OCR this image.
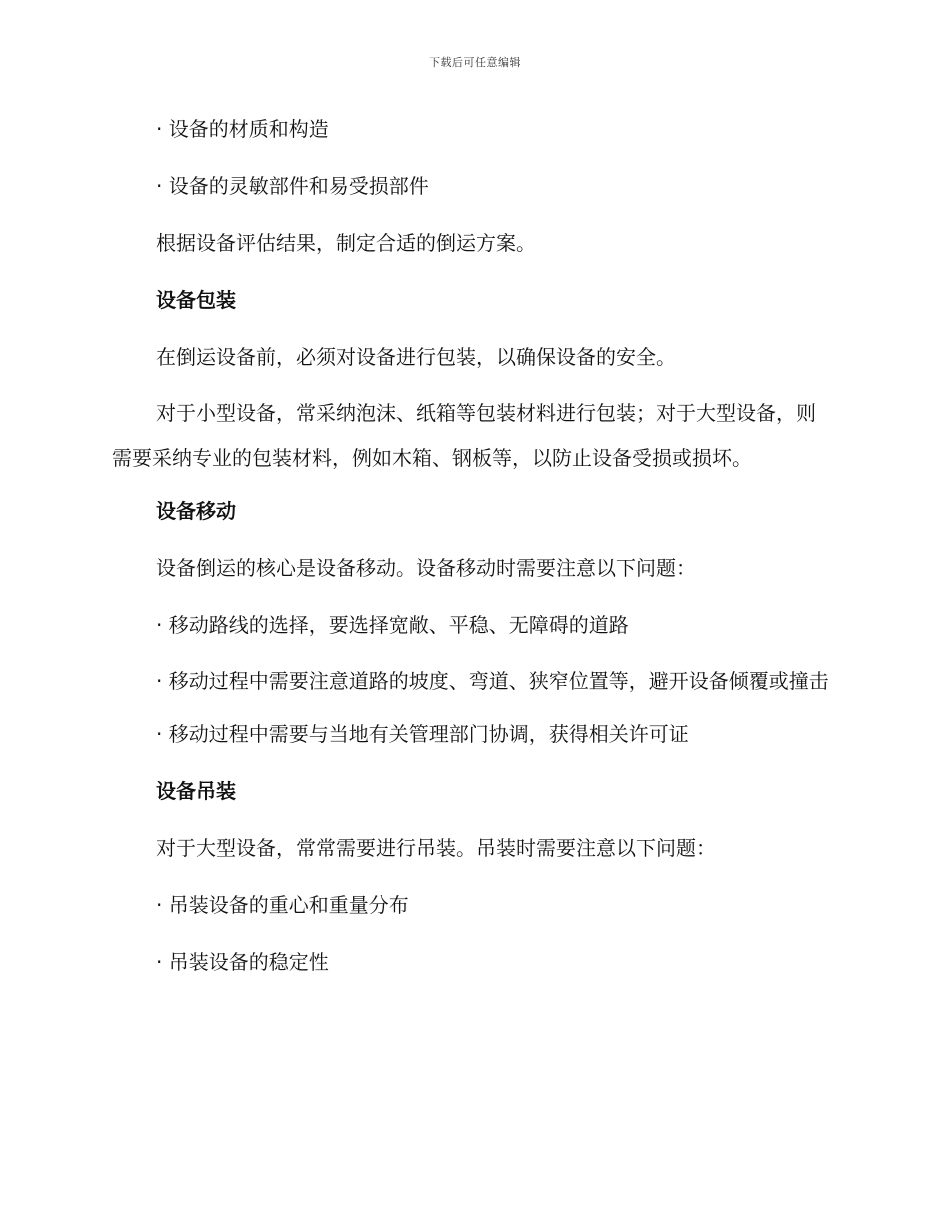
下载后可任意编辑

· 设备的材质和构造

· 设备的灵敏部件和易受损部件

根据设备评估结果，制定合适的倒运方案。

设备包装

在倒运设备前，必须对设备进行包装，以确保设备的安全。

对于小型设备，常采纳泡沫、纸箱等包装材料进行包装；对于大型设备，则需要采纳专业的包装材料，例如木箱、钢板等，以防止设备受损或损坏。

设备移动

设备倒运的核心是设备移动。设备移动时需要注意以下问题：

· 移动路线的选择，要选择宽敞、平稳、无障碍的道路

· 移动过程中需要注意道路的坡度、弯道、狭窄位置等，避开设备倾覆或撞击

· 移动过程中需要与当地有关管理部门协调，获得相关许可证

设备吊装

对于大型设备，常常需要进行吊装。吊装时需要注意以下问题：

· 吊装设备的重心和重量分布

· 吊装设备的稳定性
